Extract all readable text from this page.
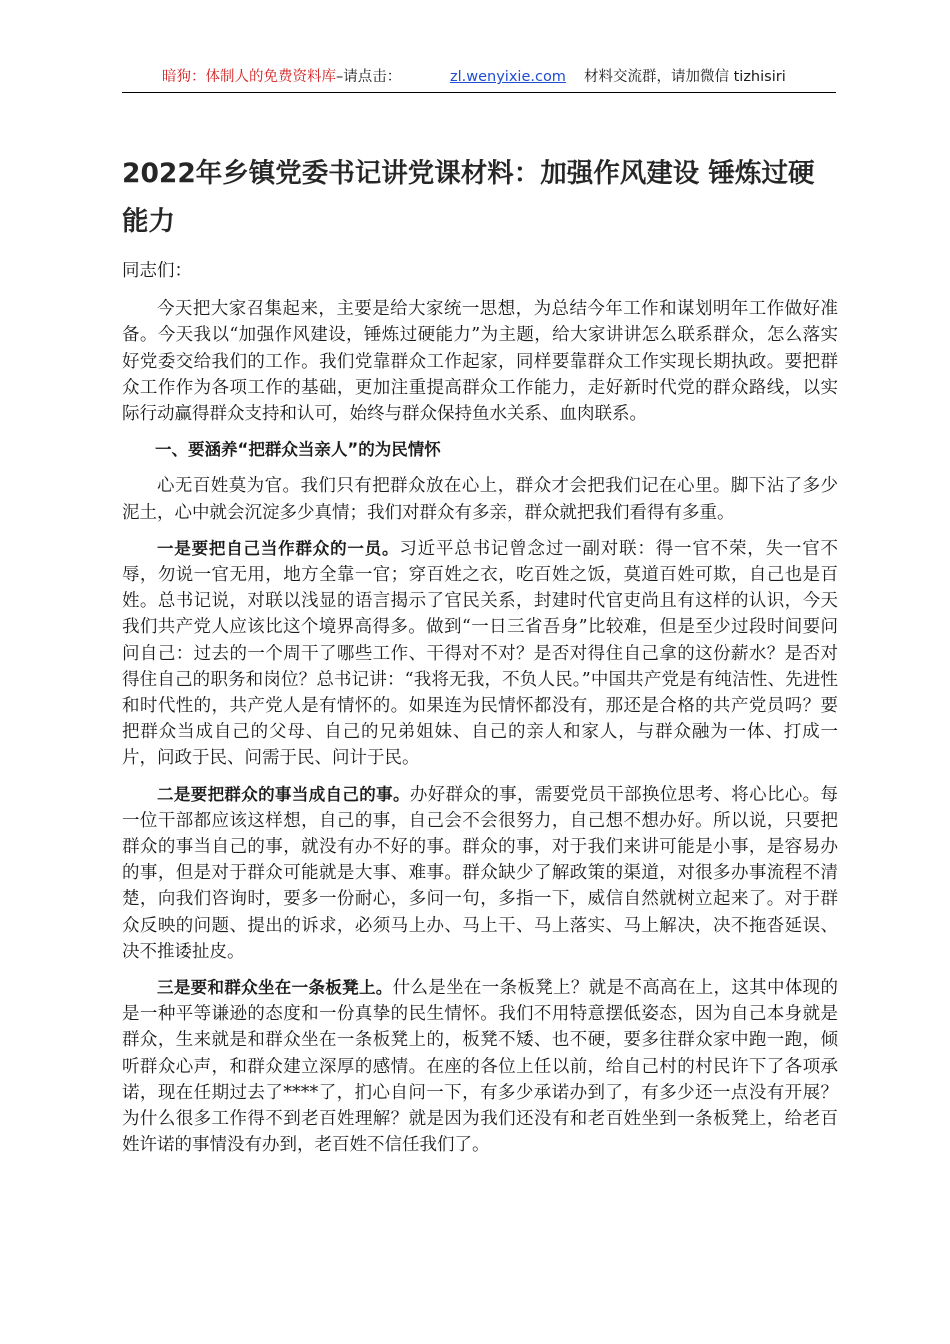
暗狗：体制人的免费资料库–请点击：	zl.wenyixie.com 材料交流群，请加微信 tizhisiri
2022年乡镇党委书记讲党课材料：加强作风建设 锤炼过硬能力

同志们：

今天把大家召集起来，主要是给大家统一思想，为总结今年工作和谋划明年工作做好准备。今天我以“加强作风建设，锤炼过硬能力”为主题，给大家讲讲怎么联系群众，怎么落实好党委交给我们的工作。我们党靠群众工作起家，同样要靠群众工作实现长期执政。要把群众工作作为各项工作的基础，更加注重提高群众工作能力，走好新时代党的群众路线，以实际行动赢得群众支持和认可，始终与群众保持鱼水关系、血肉联系。

一、要涵养“把群众当亲人”的为民情怀

心无百姓莫为官。我们只有把群众放在心上，群众才会把我们记在心里。脚下沾了多少泥土，心中就会沉淀多少真情；我们对群众有多亲，群众就把我们看得有多重。

一是要把自己当作群众的一员。习近平总书记曾念过一副对联：得一官不荣，失一官不辱，勿说一官无用，地方全靠一官；穿百姓之衣，吃百姓之饭，莫道百姓可欺，自己也是百姓。总书记说，对联以浅显的语言揭示了官民关系，封建时代官吏尚且有这样的认识，今天我们共产党人应该比这个境界高得多。做到“一日三省吾身”比较难，但是至少过段时间要问问自己：过去的一个周干了哪些工作、干得对不对？是否对得住自己拿的这份薪水？是否对得住自己的职务和岗位？总书记讲：“我将无我，不负人民。”中国共产党是有纯洁性、先进性和时代性的，共产党人是有情怀的。如果连为民情怀都没有，那还是合格的共产党员吗？要把群众当成自己的父母、自己的兄弟姐妹、自己的亲人和家人，与群众融为一体、打成一片，问政于民、问需于民、问计于民。

二是要把群众的事当成自己的事。办好群众的事，需要党员干部换位思考、将心比心。每一位干部都应该这样想，自己的事，自己会不会很努力，自己想不想办好。所以说，只要把群众的事当自己的事，就没有办不好的事。群众的事，对于我们来讲可能是小事，是容易办的事，但是对于群众可能就是大事、难事。群众缺少了解政策的渠道，对很多办事流程不清楚，向我们咨询时，要多一份耐心，多问一句，多指一下，威信自然就树立起来了。对于群众反映的问题、提出的诉求，必须马上办、马上干、马上落实、马上解决，决不拖沓延误、决不推诿扯皮。

三是要和群众坐在一条板凳上。什么是坐在一条板凳上？就是不高高在上，这其中体现的是一种平等谦逊的态度和一份真挚的民生情怀。我们不用特意摆低姿态，因为自己本身就是群众，生来就是和群众坐在一条板凳上的，板凳不矮、也不硬，要多往群众家中跑一跑，倾听群众心声，和群众建立深厚的感情。在座的各位上任以前，给自己村的村民许下了各项承诺，现在任期过去了****了，扪心自问一下，有多少承诺办到了，有多少还一点没有开展？为什么很多工作得不到老百姓理解？就是因为我们还没有和老百姓坐到一条板凳上，给老百姓许诺的事情没有办到，老百姓不信任我们了。
